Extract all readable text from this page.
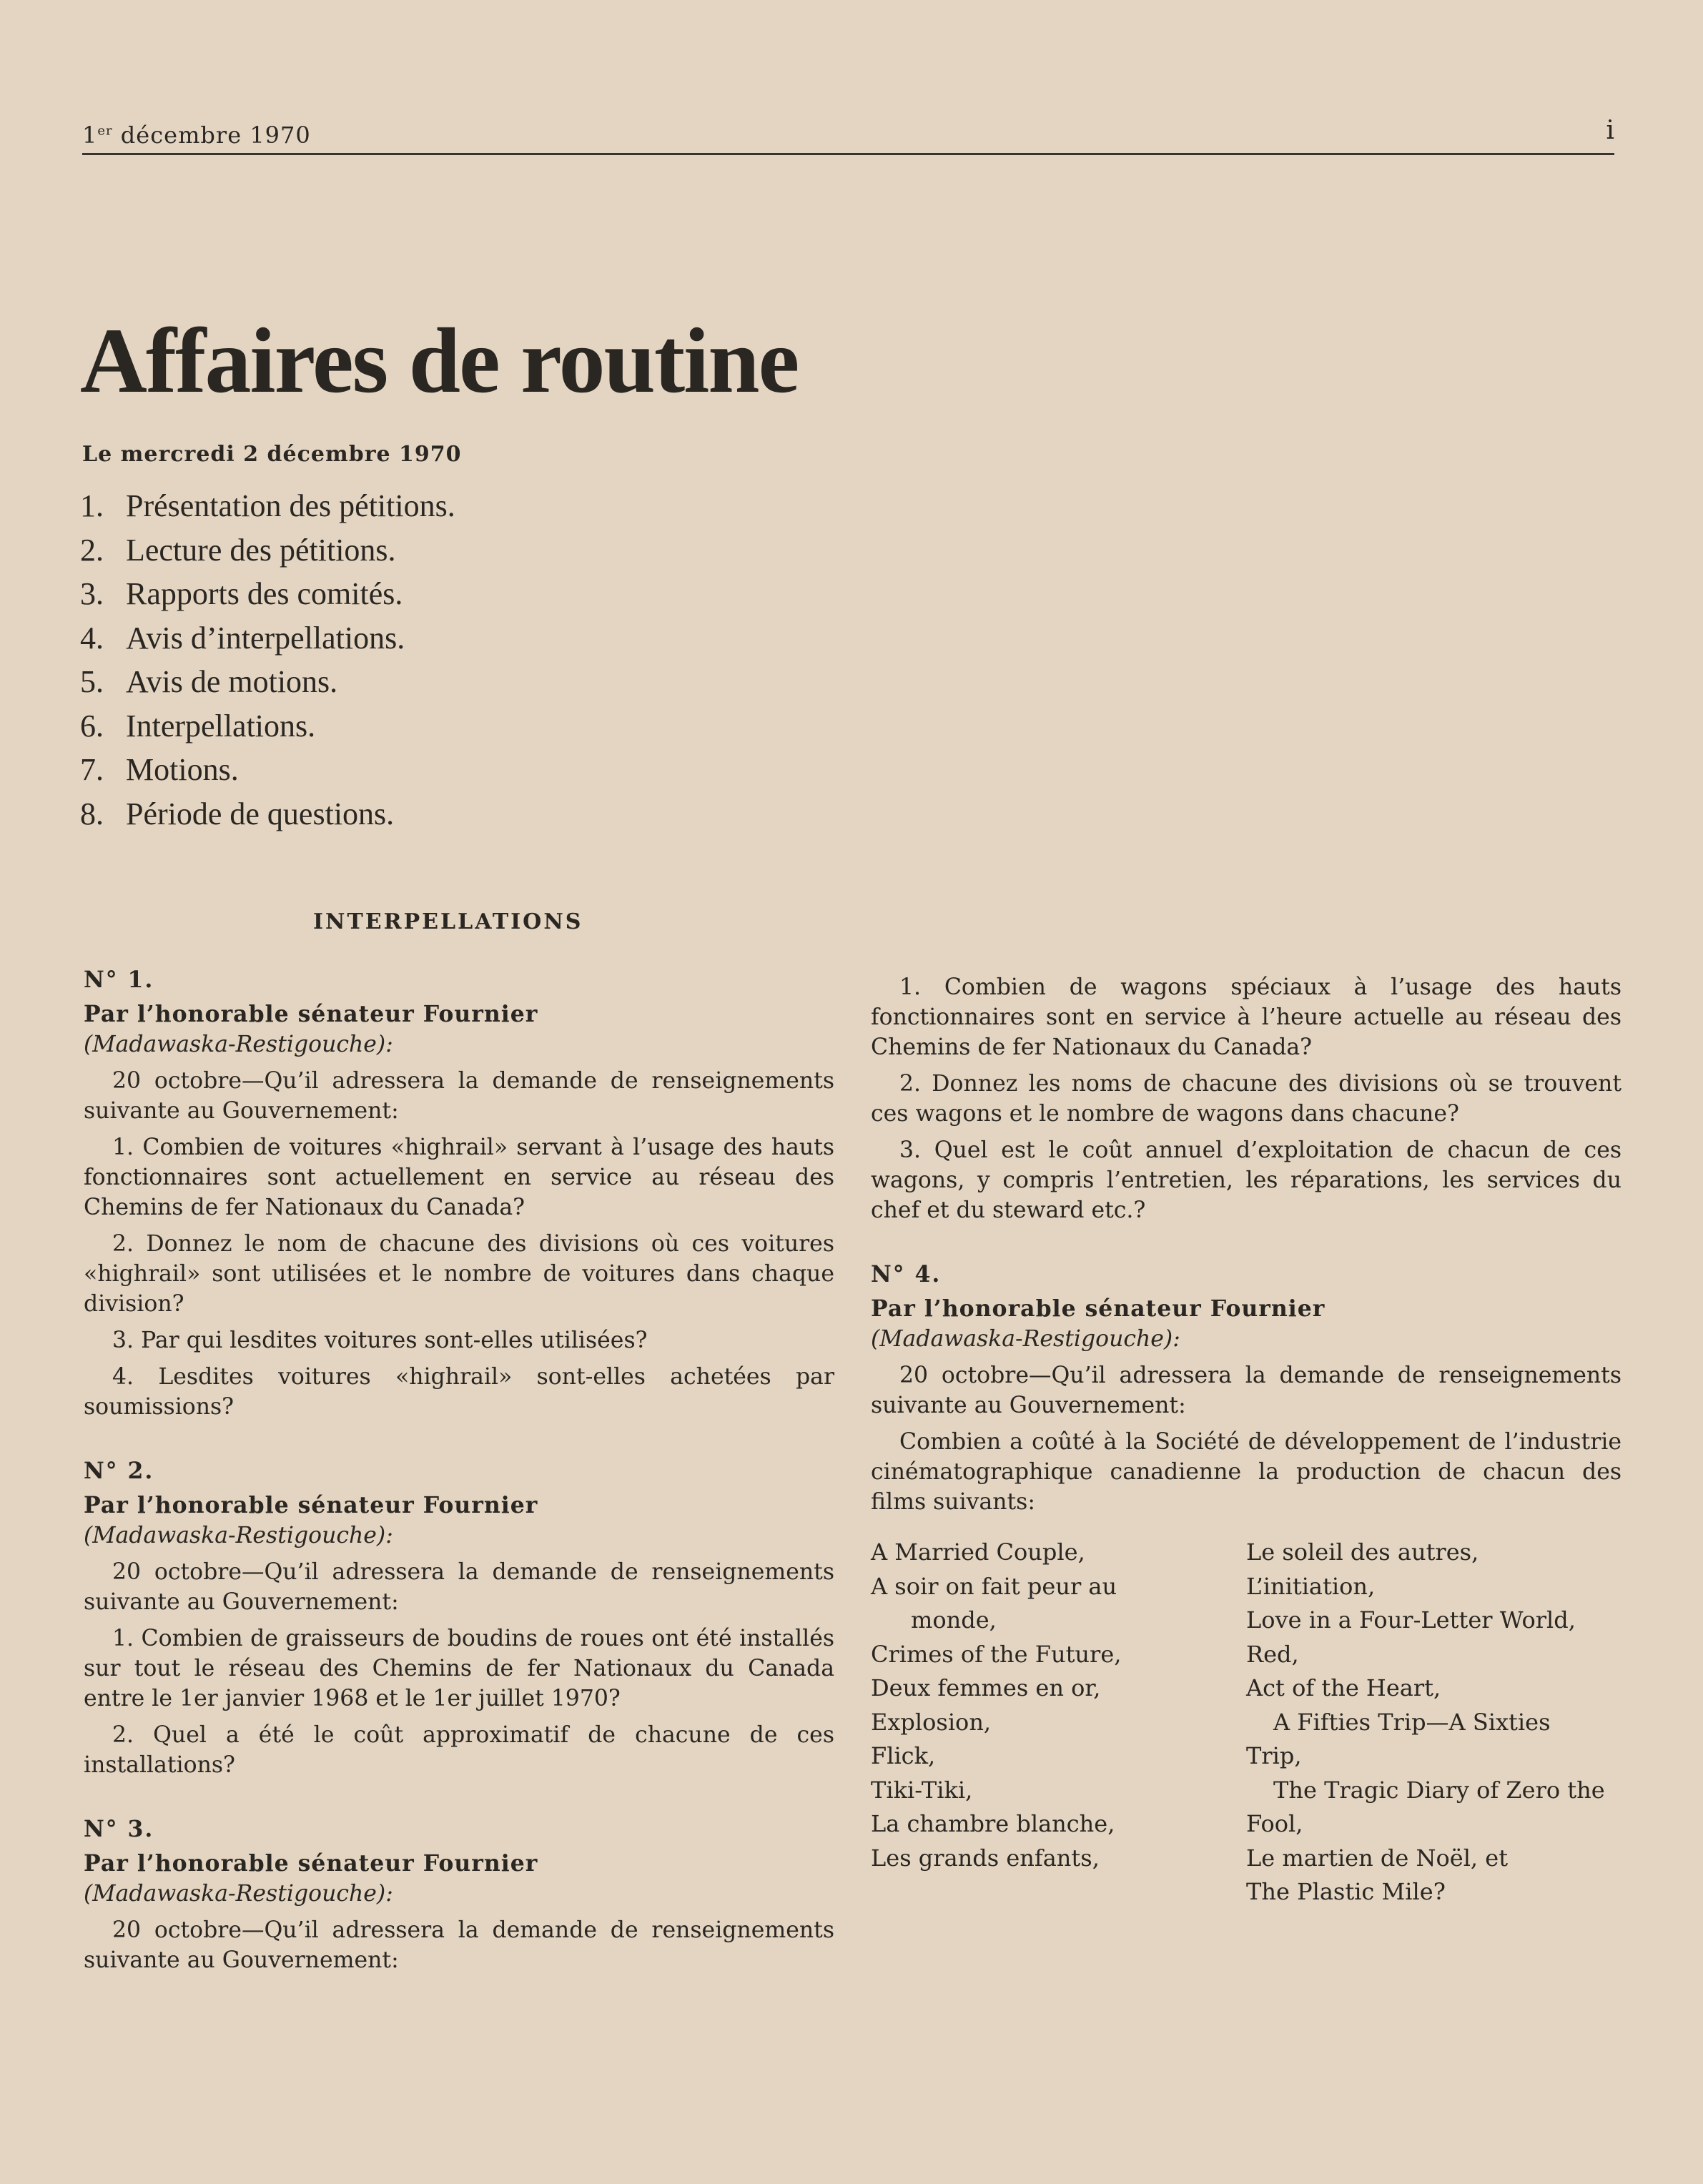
1er décembre 1970	i
Affaires de routine
Le mercredi 2 décembre 1970
1. Présentation des pétitions.
2. Lecture des pétitions.
3. Rapports des comités.
4. Avis d’interpellations.
5. Avis de motions.
6. Interpellations.
7. Motions.
8. Période de questions.
INTERPELLATIONS

N° 1.

Par l’honorable sénateur Fournier

(Madawaska-Restigouche):

20 octobre—Qu’il adressera la demande de renseignements suivante au Gouvernement:

1. Combien de voitures «highrail» servant à l’usage des hauts fonctionnaires sont actuellement en service au réseau des Chemins de fer Nationaux du Canada?

2. Donnez le nom de chacune des divisions où ces voitures «highrail» sont utilisées et le nombre de voitures dans chaque division?

3. Par qui lesdites voitures sont-elles utilisées?

4. Lesdites voitures «highrail» sont-elles achetées par soumissions?

N° 2.

Par l’honorable sénateur Fournier

(Madawaska-Restigouche):

20 octobre—Qu’il adressera la demande de renseignements suivante au Gouvernement:

1. Combien de graisseurs de boudins de roues ont été installés sur tout le réseau des Chemins de fer Nationaux du Canada entre le 1er janvier 1968 et le 1er juillet 1970?

2. Quel a été le coût approximatif de chacune de ces installations?

N° 3.

Par l’honorable sénateur Fournier

(Madawaska-Restigouche):

20 octobre—Qu’il adressera la demande de renseignements suivante au Gouvernement:

1. Combien de wagons spéciaux à l’usage des hauts fonctionnaires sont en service à l’heure actuelle au réseau des Chemins de fer Nationaux du Canada?

2. Donnez les noms de chacune des divisions où se trouvent ces wagons et le nombre de wagons dans chacune?

3. Quel est le coût annuel d’exploitation de chacun de ces wagons, y compris l’entretien, les réparations, les services du chef et du steward etc.?

N° 4.

Par l’honorable sénateur Fournier

(Madawaska-Restigouche):

20 octobre—Qu’il adressera la demande de renseignements suivante au Gouvernement:

Combien a coûté à la Société de développement de l’industrie cinématographique canadienne la production de chacun des films suivants:

A Married Couple,
A soir on fait peur au
monde,
Crimes of the Future,
Deux femmes en or,
Explosion,
Flick,
Tiki-Tiki,
La chambre blanche,
Les grands enfants,
Le soleil des autres,
L’initiation,
Love in a Four-Letter World,
Red,
Act of the Heart,
A Fifties Trip—A Sixties
Trip,
The Tragic Diary of Zero the
Fool,
Le martien de Noël, et
The Plastic Mile?
